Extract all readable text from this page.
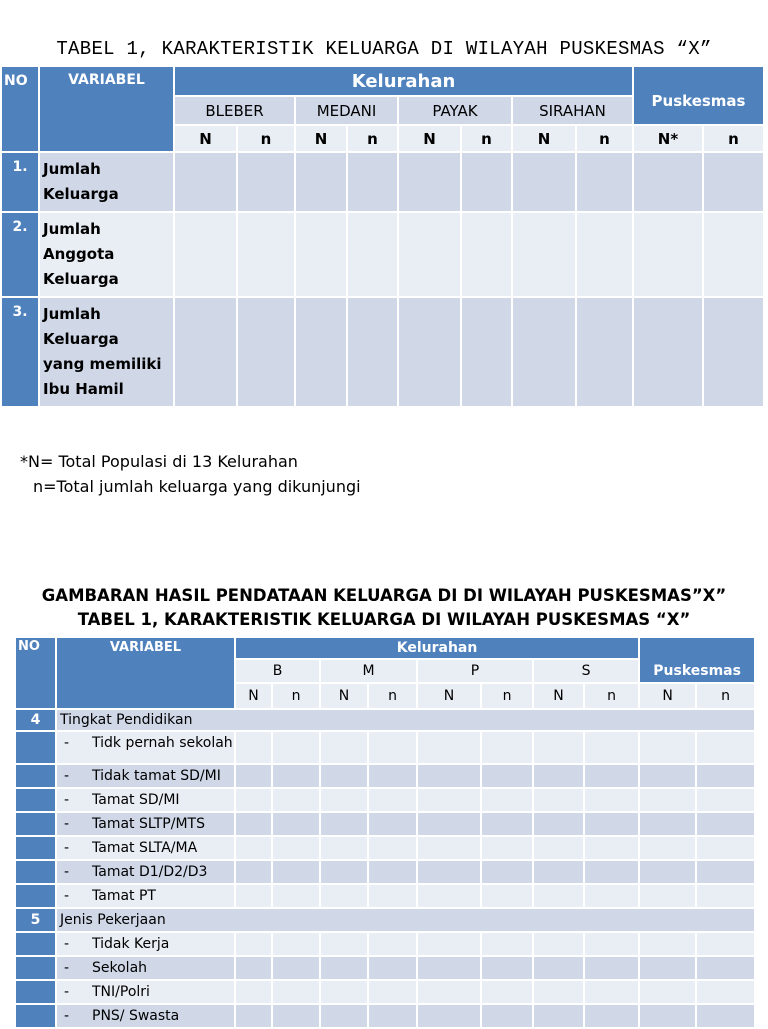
TABEL 1, KARAKTERISTIK KELUARGA DI WILAYAH PUSKESMAS “X”
NO	VARIABEL	Kelurahan								Puskesmas	
		BLEBER		MEDANI		PAYAK		SIRAHAN			
		N	n	N	n	N	n	N	n	N*	n
1.	Jumlah Keluarga										
2.	Jumlah Anggota
Keluarga										
3.	Jumlah Keluarga
yang memiliki
Ibu Hamil										
*N= Total Populasi di 13 Kelurahan
n=Total jumlah keluarga yang dikunjungi
GAMBARAN HASIL PENDATAAN KELUARGA DI DI WILAYAH PUSKESMAS”X”
TABEL 1, KARAKTERISTIK KELUARGA DI WILAYAH PUSKESMAS “X”
NO	VARIABEL	Kelurahan								Puskesmas	
		B		M		P		S			
		N	n	N	n	N	n	N	n	N	n
4	Tingkat Pendidikan										
	- Tidk pernah sekolah										
	- Tidak tamat SD/MI										
	- Tamat SD/MI										
	- Tamat SLTP/MTS										
	- Tamat SLTA/MA										
	- Tamat D1/D2/D3										
	- Tamat PT										
5	Jenis Pekerjaan										
	- Tidak Kerja										
	- Sekolah										
	- TNI/Polri										
	- PNS/ Swasta										
